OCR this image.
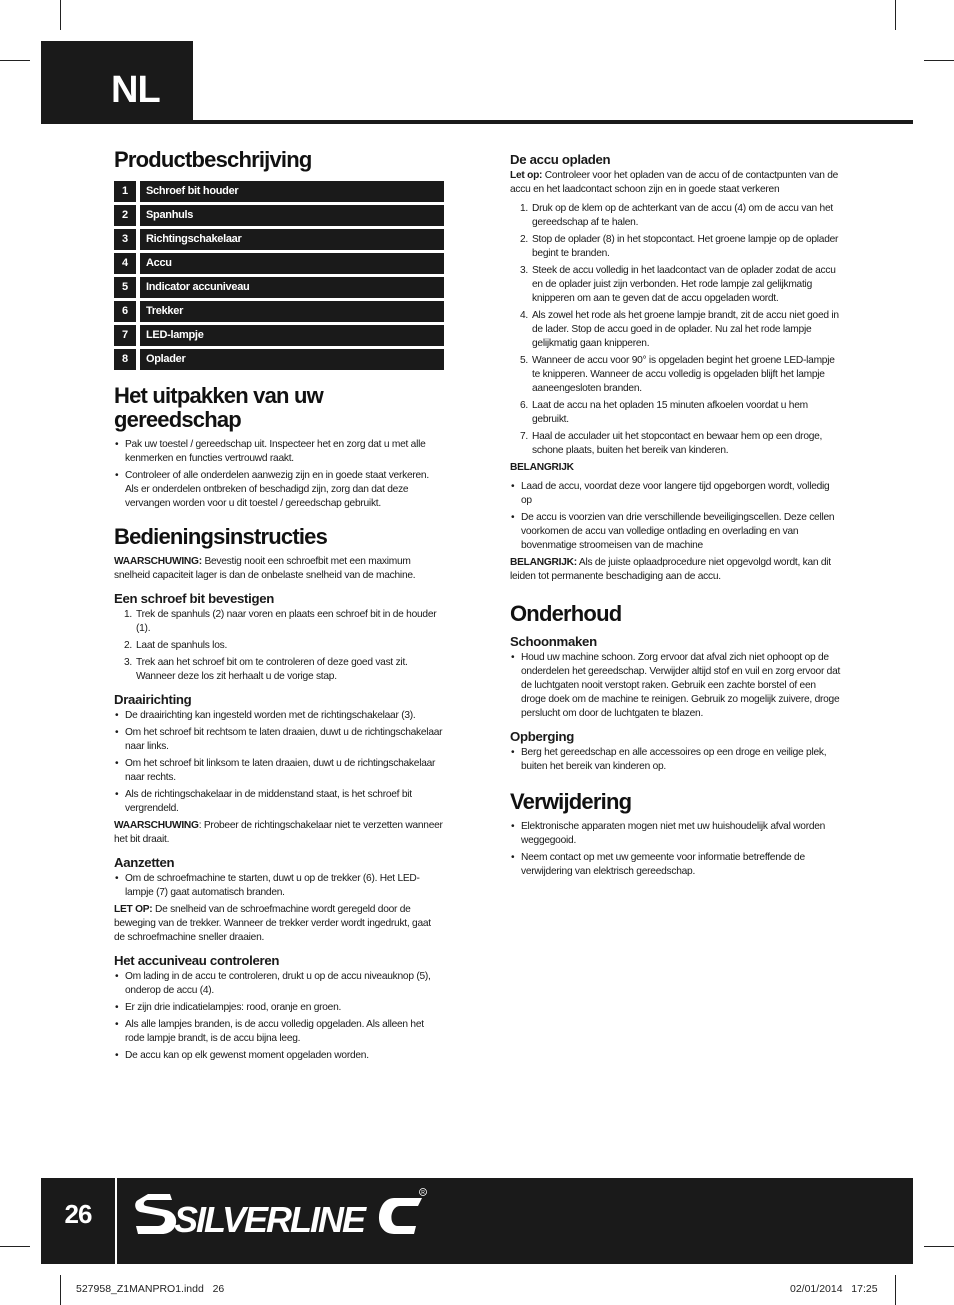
NL
Productbeschrijving
1	Schroef bit houder
2	Spanhuls
3	Richtingschakelaar
4	Accu
5	Indicator accuniveau
6	Trekker
7	LED-lampje
8	Oplader
Het uitpakken van uw gereedschap
• Pak uw toestel / gereedschap uit. Inspecteer het en zorg dat u met alle kenmerken en functies vertrouwd raakt.
• Controleer of alle onderdelen aanwezig zijn en in goede staat verkeren. Als er onderdelen ontbreken of beschadigd zijn, zorg dan dat deze vervangen worden voor u dit toestel / gereedschap gebruikt.
Bedieningsinstructies

WAARSCHUWING: Bevestig nooit een schroefbit met een maximum snelheid capaciteit lager is dan de onbelaste snelheid van de machine.

Een schroef bit bevestigen
1. Trek de spanhuls (2) naar voren en plaats een schroef bit in de houder (1).
2. Laat de spanhuls los.
3. Trek aan het schroef bit om te controleren of deze goed vast zit. Wanneer deze los zit herhaalt u de vorige stap.
Draairichting
• De draairichting kan ingesteld worden met de richtingschakelaar (3).
• Om het schroef bit rechtsom te laten draaien, duwt u de richtingschakelaar naar links.
• Om het schroef bit linksom te laten draaien, duwt u de richtingschakelaar naar rechts.
• Als de richtingschakelaar in de middenstand staat, is het schroef bit vergrendeld.

WAARSCHUWING: Probeer de richtingschakelaar niet te verzetten wanneer het bit draait.

Aanzetten
• Om de schroefmachine te starten, duwt u op de trekker (6). Het LED-lampje (7) gaat automatisch branden.

LET OP: De snelheid van de schroefmachine wordt geregeld door de beweging van de trekker. Wanneer de trekker verder wordt ingedrukt, gaat de schroefmachine sneller draaien.

Het accuniveau controleren
• Om lading in de accu te controleren, drukt u op de accu niveauknop (5), onderop de accu (4).
• Er zijn drie indicatielampjes: rood, oranje en groen.
• Als alle lampjes branden, is de accu volledig opgeladen. Als alleen het rode lampje brandt, is de accu bijna leeg.
• De accu kan op elk gewenst moment opgeladen worden.
De accu opladen

Let op: Controleer voor het opladen van de accu of de contactpunten van de accu en het laadcontact schoon zijn en in goede staat verkeren

1. Druk op de klem op de achterkant van de accu (4) om de accu van het gereedschap af te halen.
2. Stop de oplader (8) in het stopcontact. Het groene lampje op de oplader begint te branden.
3. Steek de accu volledig in het laadcontact van de oplader zodat de accu en de oplader juist zijn verbonden. Het rode lampje zal gelijkmatig knipperen om aan te geven dat de accu opgeladen wordt.
4. Als zowel het rode als het groene lampje brandt, zit de accu niet goed in de lader. Stop de accu goed in de oplader. Nu zal het rode lampje gelijkmatig gaan knipperen.
5. Wanneer de accu voor 90° is opgeladen begint het groene LED-lampje te knipperen. Wanneer de accu volledig is opgeladen blijft het lampje aaneengesloten branden.
6. Laat de accu na het opladen 15 minuten afkoelen voordat u hem gebruikt.
7. Haal de acculader uit het stopcontact en bewaar hem op een droge, schone plaats, buiten het bereik van kinderen.

BELANGRIJK

• Laad de accu, voordat deze voor langere tijd opgeborgen wordt, volledig op
• De accu is voorzien van drie verschillende beveiligingscellen. Deze cellen voorkomen de accu van volledige ontlading en overlading en van bovenmatige stroomeisen van de machine

BELANGRIJK: Als de juiste oplaadprocedure niet opgevolgd wordt, kan dit leiden tot permanente beschadiging aan de accu.

Onderhoud
Schoonmaken
• Houd uw machine schoon. Zorg ervoor dat afval zich niet ophoopt op de onderdelen het gereedschap. Verwijder altijd stof en vuil en zorg ervoor dat de luchtgaten nooit verstopt raken. Gebruik een zachte borstel of een droge doek om de machine te reinigen. Gebruik zo mogelijk zuivere, droge perslucht om door de luchtgaten te blazen.
Opberging
• Berg het gereedschap en alle accessoires op een droge en veilige plek, buiten het bereik van kinderen op.
Verwijdering
• Elektronische apparaten mogen niet met uw huishoudelijk afval worden weggegooid.
• Neem contact op met uw gemeente voor informatie betreffende de verwijdering van elektrisch gereedschap.
26	SILVERLINE
R
527958_Z1MANPRO1.indd   26	02/01/2014   17:25
